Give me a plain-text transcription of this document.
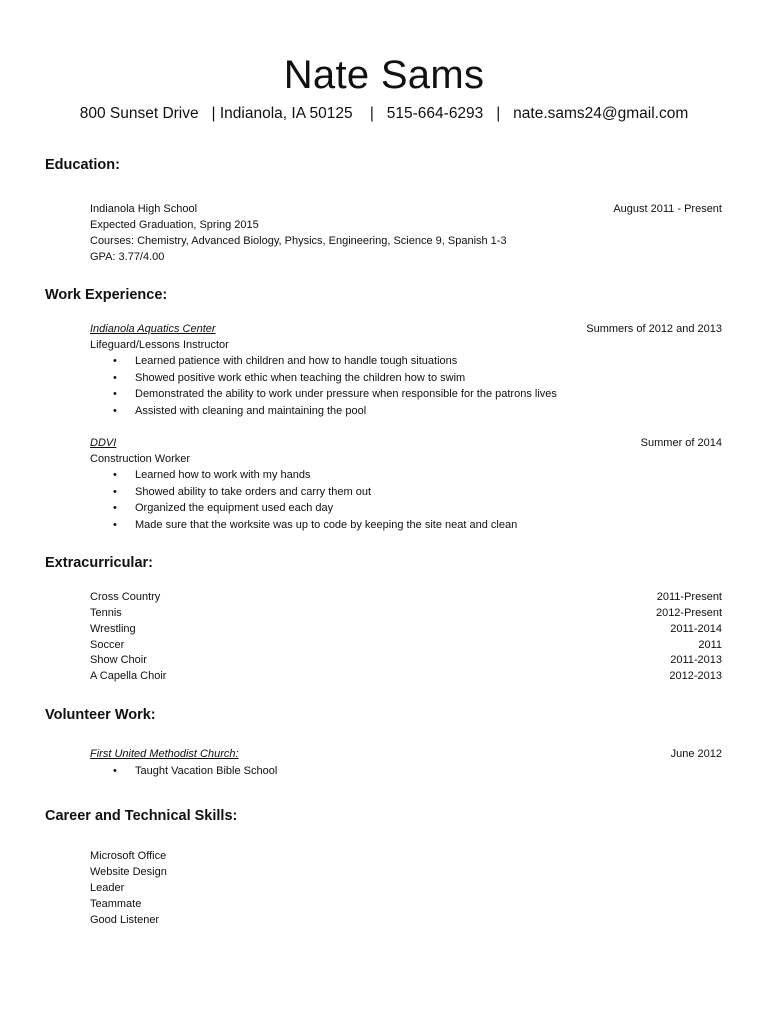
Nate Sams
800 Sunset Drive   | Indianola, IA 50125    |   515-664-6293   |   nate.sams24@gmail.com
Education:
Indianola High School	August 2011 - Present
Expected Graduation, Spring 2015
Courses: Chemistry, Advanced Biology, Physics, Engineering, Science 9, Spanish 1-3
GPA: 3.77/4.00
Work Experience:
Indianola Aquatics Center	Summers of 2012 and 2013
Lifeguard/Lessons Instructor
• Learned patience with children and how to handle tough situations
• Showed positive work ethic when teaching the children how to swim
• Demonstrated the ability to work under pressure when responsible for the patrons lives
• Assisted with cleaning and maintaining the pool
DDVI	Summer of 2014
Construction Worker
• Learned how to work with my hands
• Showed ability to take orders and carry them out
• Organized the equipment used each day
• Made sure that the worksite was up to code by keeping the site neat and clean
Extracurricular:
Cross Country	2011-Present
Tennis	2012-Present
Wrestling	2011-2014
Soccer	2011
Show Choir	2011-2013
A Capella Choir	2012-2013
Volunteer Work:
First United Methodist Church:	June 2012
• Taught Vacation Bible School
Career and Technical Skills:
Microsoft Office
Website Design
Leader
Teammate
Good Listener
